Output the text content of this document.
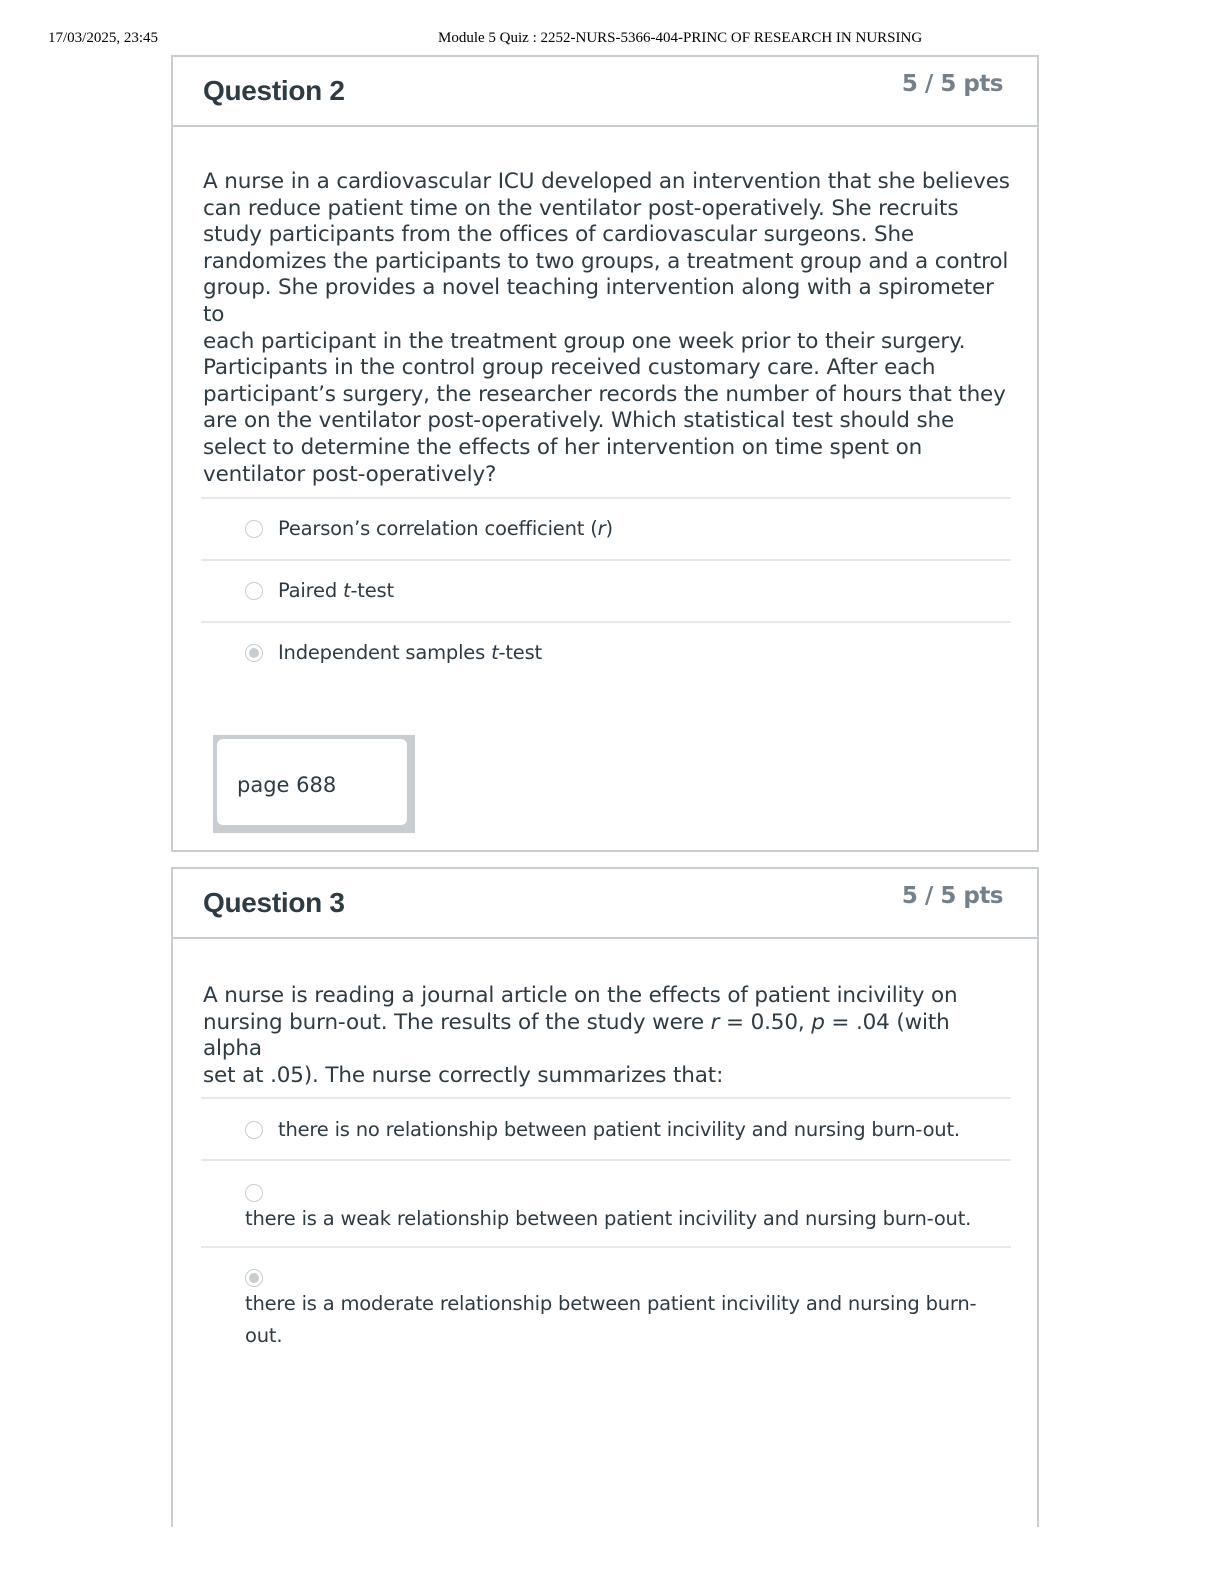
17/03/2025, 23:45	Module 5 Quiz : 2252-NURS-5366-404-PRINC OF RESEARCH IN NURSING
Question 2	5 / 5 pts
A nurse in a cardiovascular ICU developed an intervention that she believes
can reduce patient time on the ventilator post-operatively. She recruits
study participants from the offices of cardiovascular surgeons. She
randomizes the participants to two groups, a treatment group and a control
group. She provides a novel teaching intervention along with a spirometer to
each participant in the treatment group one week prior to their surgery.
Participants in the control group received customary care. After each
participant’s surgery, the researcher records the number of hours that they
are on the ventilator post-operatively. Which statistical test should she
select to determine the effects of her intervention on time spent on
ventilator post-operatively?
Pearson’s correlation coefficient (r)
Paired t-test
Independent samples t-test
page 688
Question 3	5 / 5 pts
A nurse is reading a journal article on the effects of patient incivility on
nursing burn-out. The results of the study were r = 0.50, p = .04 (with alpha
set at .05). The nurse correctly summarizes that:
there is no relationship between patient incivility and nursing burn-out.
there is a weak relationship between patient incivility and nursing burn-out.
there is a moderate relationship between patient incivility and nursing burn-
out.
